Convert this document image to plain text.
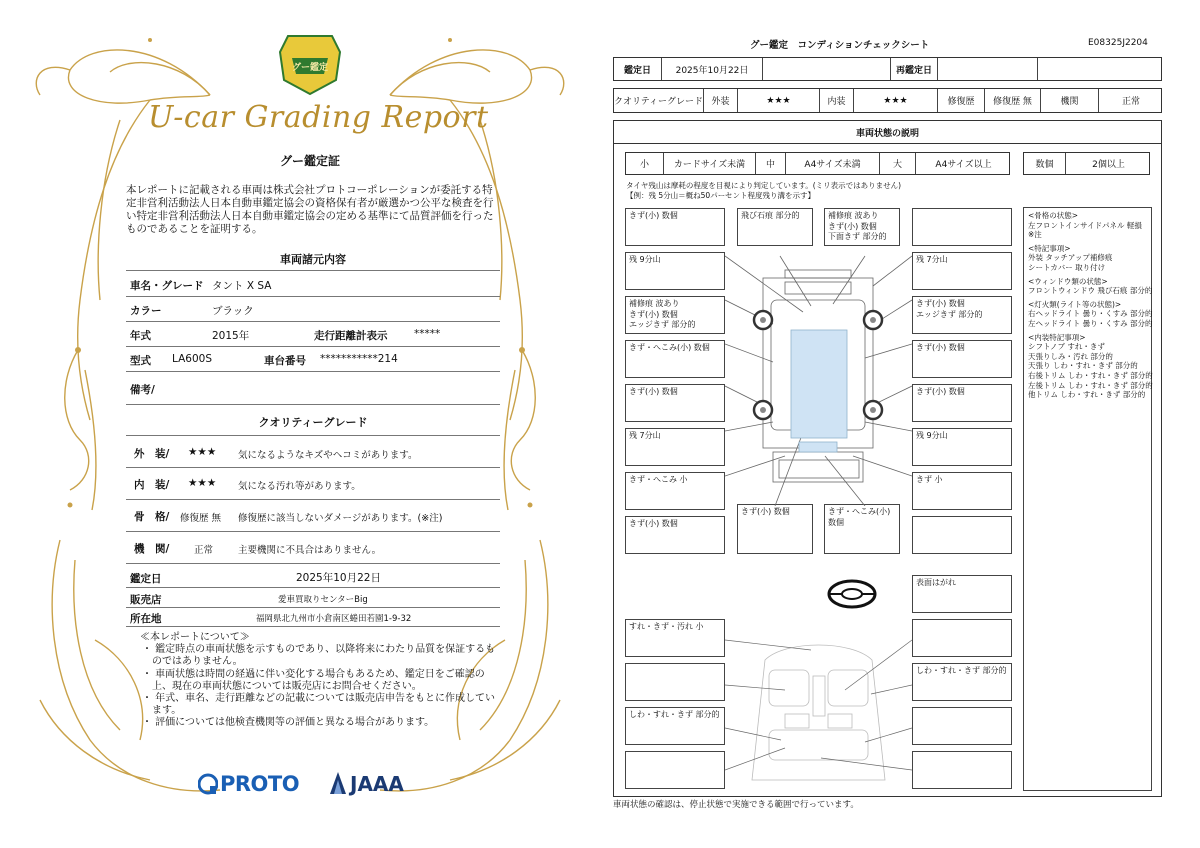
グー鑑定
U-car Grading Report
グー鑑定証
本レポートに記載される車両は株式会社プロトコーポレーションが委託する特定非営利活動法人日本自動車鑑定協会の資格保有者が厳選かつ公平な検査を行い特定非営利活動法人日本自動車鑑定協会の定める基準にて品質評価を行ったものであることを証明する。
車両諸元内容
車名・グレード タント X SA
カラー	ブラック
年式	2015年	走行距離計表示	*****
型式 LA600S	車台番号 ***********214
備考/
クオリティーグレード
外　装/ ★★★ 気になるようなキズやヘコミがあります。
内　装/ ★★★ 気になる汚れ等があります。
骨　格/ 修復歴 無 修復歴に該当しないダメージがあります。(※注)
機　関/	正常	主要機関に不具合はありません。
鑑定日	2025年10月22日
販売店	愛車買取りセンターBig
所在地	福岡県北九州市小倉南区蜷田若園1-9-32
≪本レポートについて≫
・ 鑑定時点の車両状態を示すものであり、以降将来にわたり品質を保証するものではありません。
・ 車両状態は時間の経過に伴い変化する場合もあるため、鑑定日をご確認の上、現在の車両状態については販売店にお問合せください。
・ 年式、車名、走行距離などの記載については販売店申告をもとに作成しています。
・ 評価については他検査機関等の評価と異なる場合があります。
PROTO	JAAA
グー鑑定　コンディションチェックシート	E08325J2204
鑑定日	2025年10月22日	再鑑定日
クオリティーグレード 外装	★★★	内装	★★★	修復歴	修復歴 無	機関	正常
車両状態の説明
小	カードサイズ未満	中	A4サイズ未満	大	A4サイズ以上	数個	2個以上
タイヤ残山は摩耗の程度を目視により判定しています。(ミリ表示ではありません)
【例：残 5分山＝概ね50パーセント程度残り溝を示す】
きず(小) 数個	飛び石痕 部分的	補修痕 波あり
きず(小) 数個
下面きず 部分的
残 9分山	残 7分山
補修痕 波あり
きず(小) 数個
エッジきず 部分的
きず(小) 数個
エッジきず 部分的
きず・へこみ(小) 数個	きず(小) 数個
きず(小) 数個	きず(小) 数個
残 7分山	残 9分山
きず・へこみ 小	きず 小
きず(小) 数個
きず(小) 数個	きず・へこみ(小) 数個
表面はがれ
すれ・きず・汚れ 小
しわ・すれ・きず 部分的
しわ・すれ・きず 部分的
<骨格の状態>
左フロントインサイドパネル 軽損
※注
<特記事項>
外装 タッチアップ補修痕
シートカバー 取り付け
<ウィンドウ類の状態>
フロントウィンドウ 飛び石痕 部分的
<灯火類(ライト等の状態)>
右ヘッドライト 曇り・くすみ 部分的
左ヘッドライト 曇り・くすみ 部分的
<内装特記事項>
シフトノブ すれ・きず
天張りしみ・汚れ 部分的
天張り しわ・すれ・きず 部分的
右後トリム しわ・すれ・きず 部分的
左後トリム しわ・すれ・きず 部分的
他トリム しわ・すれ・きず 部分的
車両状態の確認は、停止状態で実施できる範囲で行っています。
